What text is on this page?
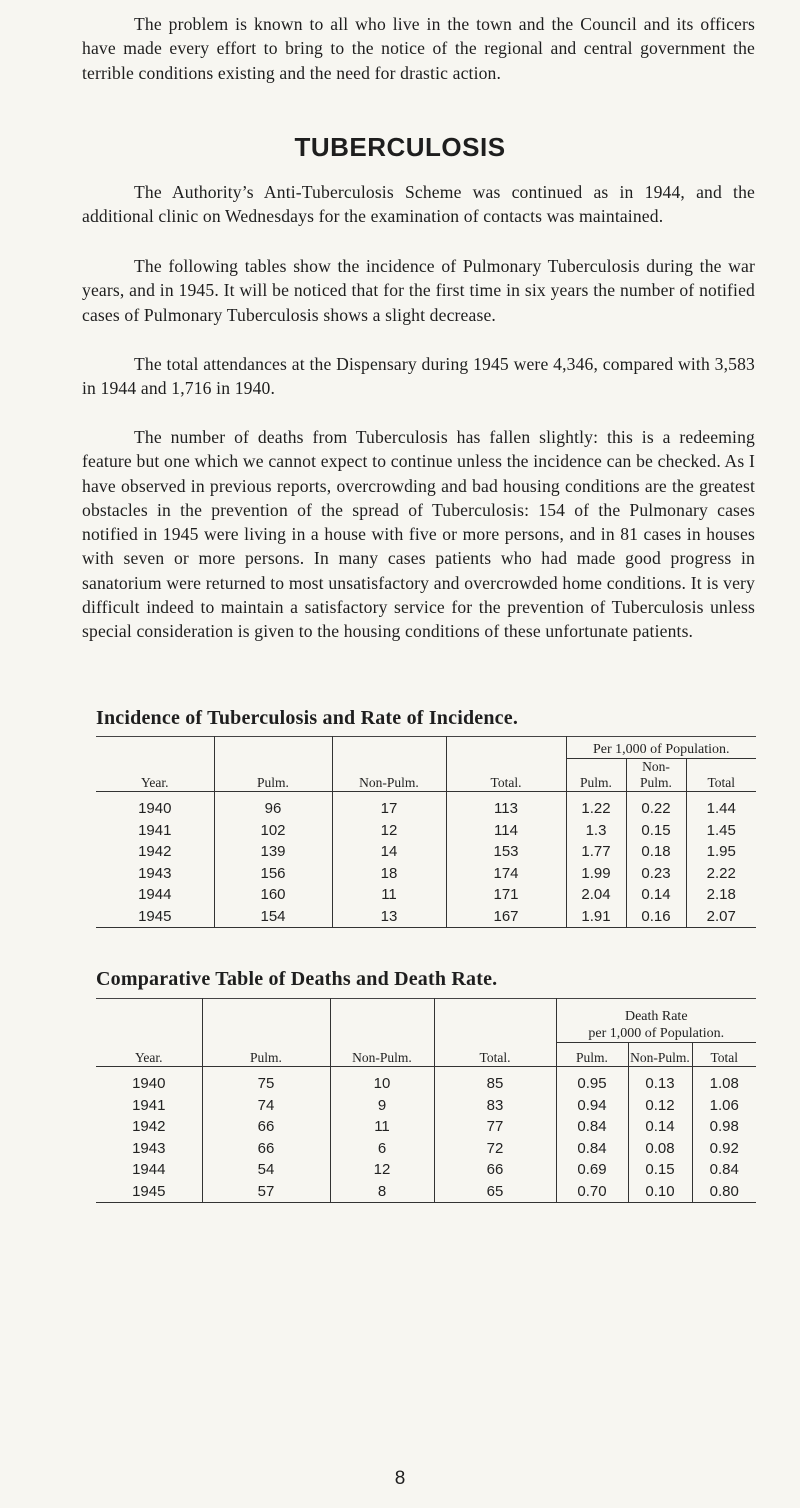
The problem is known to all who live in the town and the Council and its officers have made every effort to bring to the notice of the regional and central government the terrible conditions existing and the need for drastic action.

TUBERCULOSIS

The Authority’s Anti-Tuberculosis Scheme was continued as in 1944, and the additional clinic on Wednesdays for the examination of contacts was maintained.

The following tables show the incidence of Pulmonary Tuberculosis during the war years, and in 1945. It will be noticed that for the first time in six years the number of notified cases of Pulmonary Tuberculosis shows a slight decrease.

The total attendances at the Dispensary during 1945 were 4,346, compared with 3,583 in 1944 and 1,716 in 1940.

The number of deaths from Tuberculosis has fallen slightly: this is a redeeming feature but one which we cannot expect to continue unless the incidence can be checked. As I have observed in previous reports, overcrowding and bad housing conditions are the greatest obstacles in the prevention of the spread of Tuberculosis: 154 of the Pulmonary cases notified in 1945 were living in a house with five or more persons, and in 81 cases in houses with seven or more persons. In many cases patients who had made good progress in sanatorium were returned to most unsatisfactory and overcrowded home conditions. It is very difficult indeed to maintain a satisfactory service for the prevention of Tuberculosis unless special consideration is given to the housing conditions of these unfortunate patients.

Incidence of Tuberculosis and Rate of Incidence.
				Per 1,000 of Population.		
Year.	Pulm.	Non-Pulm.	Total.	Pulm.	Non-Pulm.	Total
1940	96	17	113	1.22	0.22	1.44
1941	102	12	114	1.3	0.15	1.45
1942	139	14	153	1.77	0.18	1.95
1943	156	18	174	1.99	0.23	2.22
1944	160	11	171	2.04	0.14	2.18
1945	154	13	167	1.91	0.16	2.07
Comparative Table of Deaths and Death Rate.

				Death Rate
per 1,000 of Population.		

Year.	Pulm.	Non-Pulm.	Total.	Pulm.	Non-Pulm.	Total
1940	75	10	85	0.95	0.13	1.08
1941	74	9	83	0.94	0.12	1.06
1942	66	11	77	0.84	0.14	0.98
1943	66	6	72	0.84	0.08	0.92
1944	54	12	66	0.69	0.15	0.84
1945	57	8	65	0.70	0.10	0.80
8
